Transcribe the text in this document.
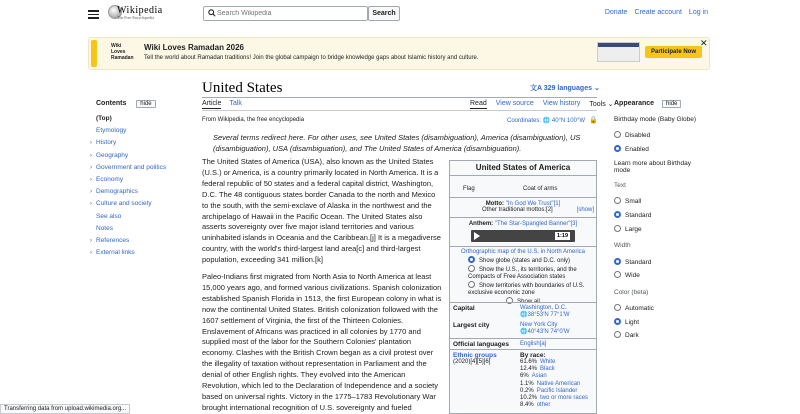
Wikipedia
The Free Encyclopedia
Search Wikipedia
Search	Donate Create account Log in
Wiki
Loves
Ramadan
Wiki Loves Ramadan 2026
Tell the world about Ramadan traditions! Join the global campaign to bridge knowledge gaps about Islamic history and culture.
Participate Now
✕
Contents hide
(Top)
Etymology
› History
› Geography
› Government and politics
› Economy
› Demographics
› Culture and society
See also
Notes
› References
› External links
United States	文A 329 languages ⌄
Article Talk	Read View source View history Tools ⌄
From Wikipedia, the free encyclopedia	Coordinates: 🌐 40°N 100°W 🔒
Several terms redirect here. For other uses, see United States (disambiguation), America (disambiguation), US (disambiguation), USA (disambiguation), and The United States of America (disambiguation).
The United States of America (USA), also known as the United States (U.S.) or America, is a country primarily located in North America. It is a federal republic of 50 states and a federal capital district, Washington, D.C. The 48 contiguous states border Canada to the north and Mexico to the south, with the semi-exclave of Alaska in the northwest and the archipelago of Hawaii in the Pacific Ocean. The United States also asserts sovereignty over five major island territories and various uninhabited islands in Oceania and the Caribbean.[j] It is a megadiverse country, with the world's third-largest land area[c] and third-largest population, exceeding 341 million.[k]
Paleo-Indians first migrated from North Asia to North America at least 15,000 years ago, and formed various civilizations. Spanish colonization established Spanish Florida in 1513, the first European colony in what is now the continental United States. British colonization followed with the 1607 settlement of Virginia, the first of the Thirteen Colonies. Enslavement of Africans was practiced in all colonies by 1770 and supplied most of the labor for the Southern Colonies' plantation economy. Clashes with the British Crown began as a civil protest over the illegality of taxation without representation in Parliament and the denial of other English rights. They evolved into the American Revolution, which led to the Declaration of Independence and a society based on universal rights. Victory in the 1775–1783 Revolutionary War brought international recognition of U.S. sovereignty and fueled
United States of America
Flag	Coat of arms
Motto: "In God We Trust"[1]
Other traditional mottos:[2]	[show]
Anthem: "The Star-Spangled Banner"[3]
1:19
Orthographic map of the U.S. in North America
Show globe (states and D.C. only)
Show the U.S., its territories, and the Compacts of Free Association states
Show territories with boundaries of U.S. exclusive economic zone
Capital	Washington, D.C.
🌐38°53′N 77°1′W
Largest city	New York City
🌐40°43′N 74°0′W
Official languages English[a]
Ethnic groups
(2020)[4][5][6]
By race:
61.6% White
12.4% Black
6% Asian
1.1% Native American
0.2% Pacific Islander
10.2% two or more races
8.4% other
Appearance hide
Birthday mode (Baby Globe)
Disabled
Enabled
Learn more about Birthday mode
Text
Small
Standard
Large
Width
Standard
Wide
Color (beta)
Automatic
Light
Dark
Transferring data from upload.wikimedia.org...
